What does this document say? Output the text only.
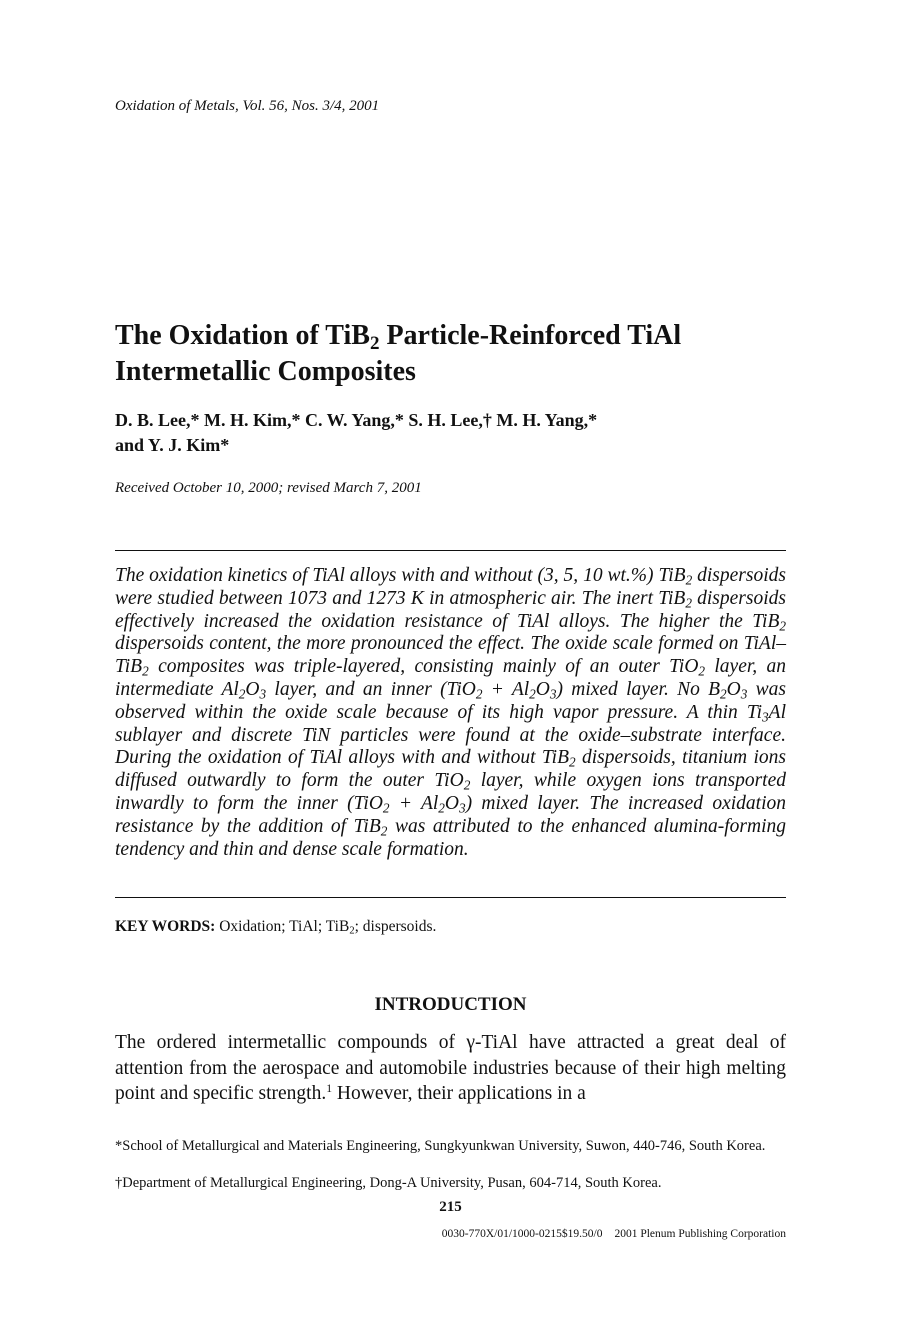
Oxidation of Metals, Vol. 56, Nos. 3/4, 2001
The Oxidation of TiB$_2$ Particle-Reinforced TiAl
Intermetallic Composites
D. B. Lee,* M. H. Kim,* C. W. Yang,* S. H. Lee,† M. H. Yang,*
and Y. J. Kim*
Received October 10, 2000; revised March 7, 2001
The oxidation kinetics of TiAl alloys with and without (3, 5, 10 wt.%) TiB$_2$ dispersoids were studied between 1073 and 1273 K in atmospheric air. The inert TiB$_2$ dispersoids effectively increased the oxidation resistance of TiAl alloys. The higher the TiB$_2$ dispersoids content, the more pronounced the effect. The oxide scale formed on TiAl–TiB$_2$ composites was triple-layered, consisting mainly of an outer TiO$_2$ layer, an intermediate $Al_2O_3$ layer, and an inner $(TiO_2 + Al_2O_3)$ mixed layer. No $B_2O_3$ was observed within the oxide scale because of its high vapor pressure. A thin $Ti_3Al$ sublayer and discrete TiN particles were found at the oxide–substrate interface. During the oxidation of TiAl alloys with and without TiB$_2$ dispersoids, titanium ions diffused outwardly to form the outer TiO$_2$ layer, while oxygen ions transported inwardly to form the inner $(TiO_2 + Al_2O_3)$ mixed layer. The increased oxidation resistance by the addition of TiB$_2$ was attributed to the enhanced alumina-forming tendency and thin and dense scale formation.
KEY WORDS: Oxidation; TiAl; TiB$_2$; dispersoids.
INTRODUCTION
The ordered intermetallic compounds of γ-TiAl have attracted a great deal of attention from the aerospace and automobile industries because of their high melting point and specific strength.$^1$ However, their applications in a
*School of Metallurgical and Materials Engineering, Sungkyunkwan University, Suwon, 440-746, South Korea.
†Department of Metallurgical Engineering, Dong-A University, Pusan, 604-714, South Korea.
215
0030-770X/01/1000-0215$19.50/0 2001 Plenum Publishing Corporation
